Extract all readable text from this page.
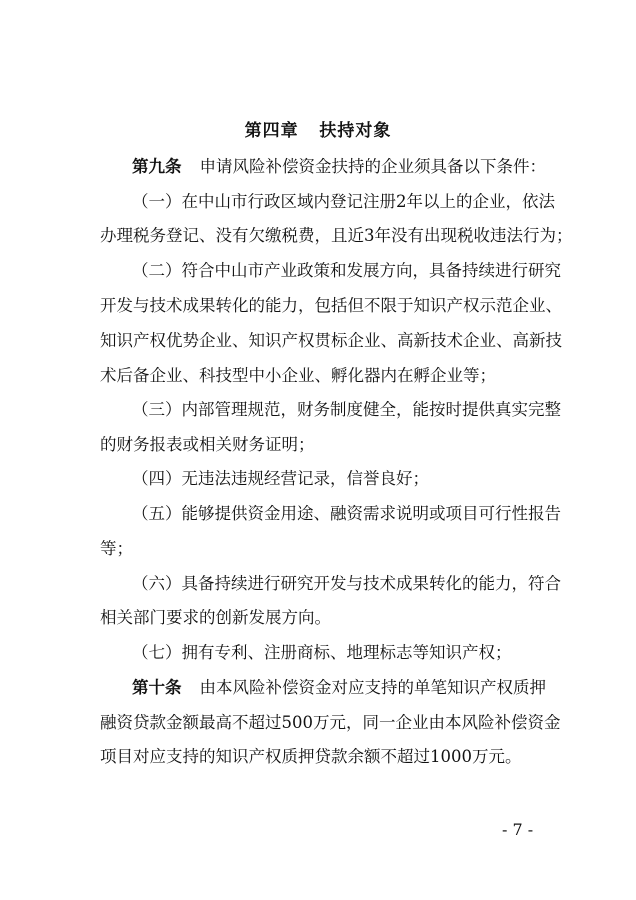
第四章   扶持对象
第九条 申请风险补偿资金扶持的企业须具备以下条件：
（一）在中山市行政区域内登记注册2年以上的企业，依法
办理税务登记、没有欠缴税费，且近3年没有出现税收违法行为；
（二）符合中山市产业政策和发展方向，具备持续进行研究
开发与技术成果转化的能力，包括但不限于知识产权示范企业、
知识产权优势企业、知识产权贯标企业、高新技术企业、高新技
术后备企业、科技型中小企业、孵化器内在孵企业等；
（三）内部管理规范，财务制度健全，能按时提供真实完整
的财务报表或相关财务证明；
（四）无违法违规经营记录，信誉良好；
（五）能够提供资金用途、融资需求说明或项目可行性报告
等；
（六）具备持续进行研究开发与技术成果转化的能力，符合
相关部门要求的创新发展方向。
（七）拥有专利、注册商标、地理标志等知识产权；
第十条 由本风险补偿资金对应支持的单笔知识产权质押
融资贷款金额最高不超过500万元，同一企业由本风险补偿资金
项目对应支持的知识产权质押贷款余额不超过1000万元。
- 7 -
